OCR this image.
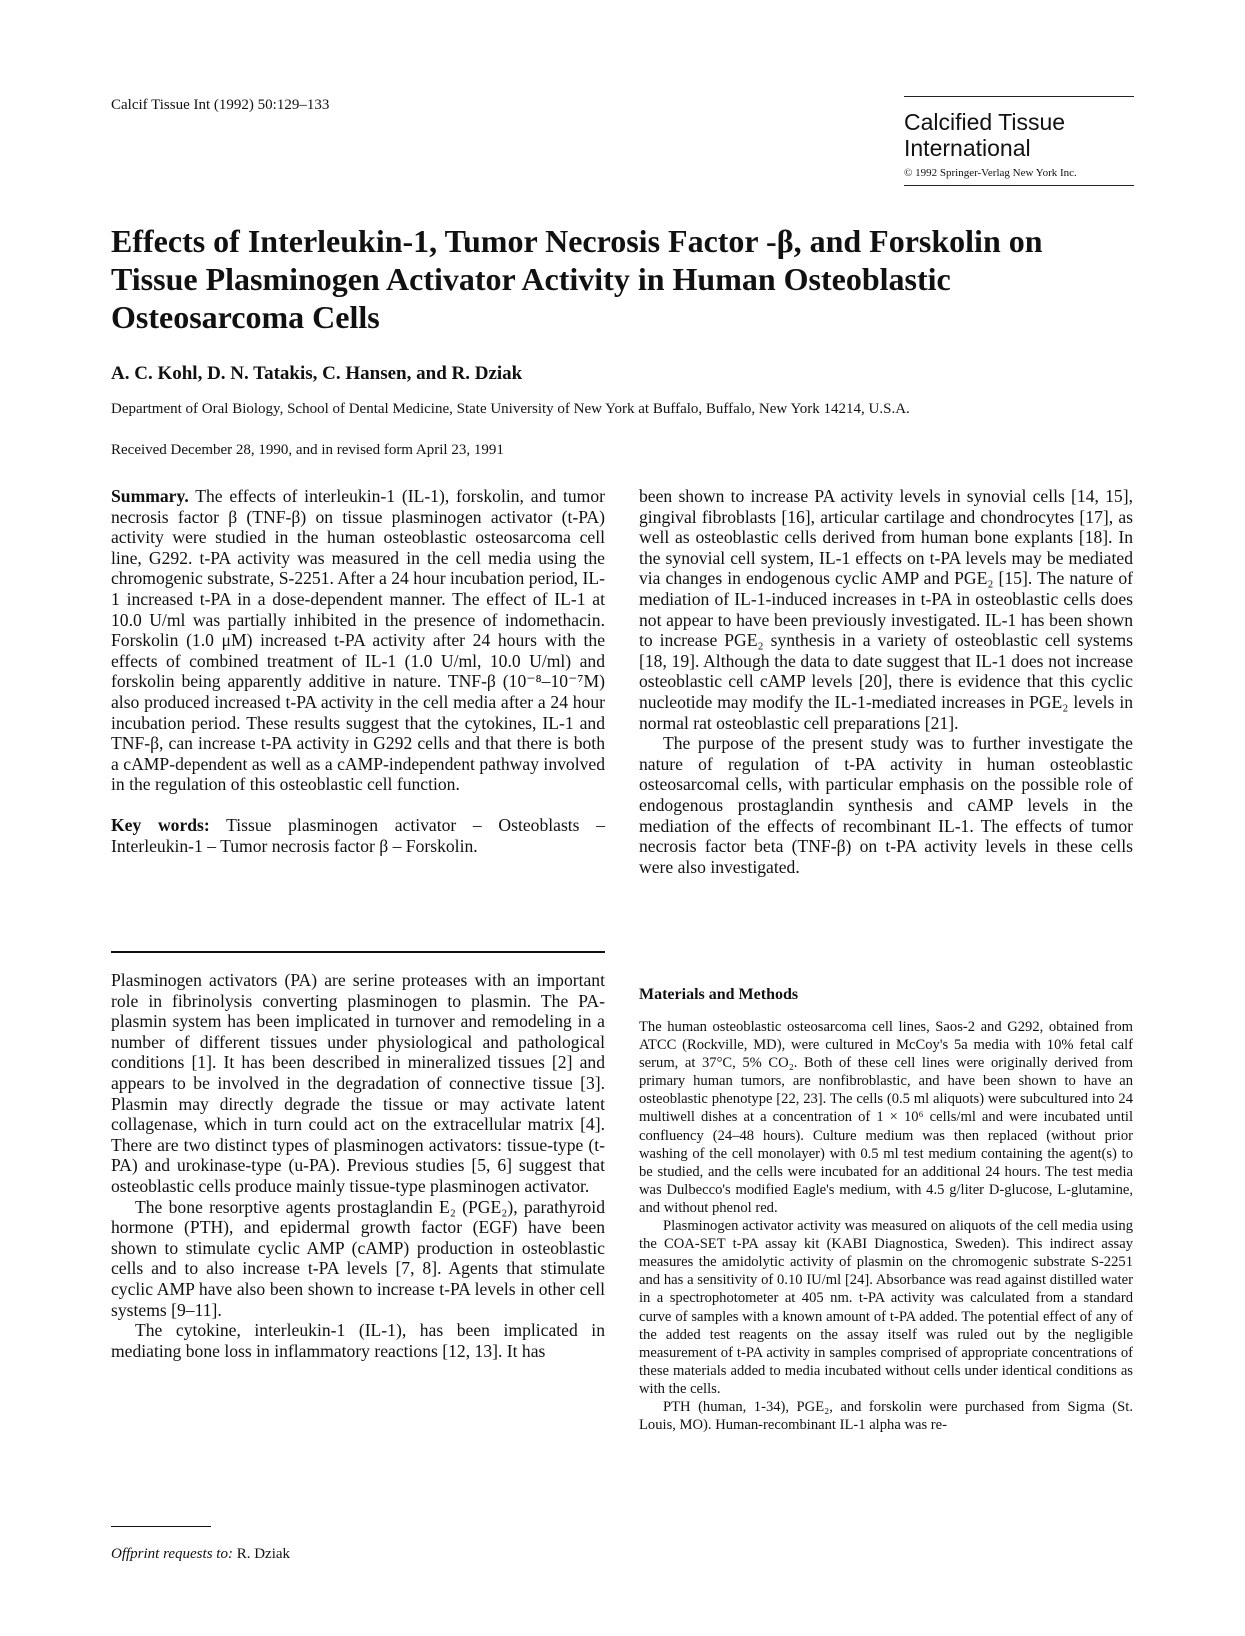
Calcif Tissue Int (1992) 50:129–133
Calcified Tissue
International
© 1992 Springer-Verlag New York Inc.
Effects of Interleukin-1, Tumor Necrosis Factor -β, and Forskolin on Tissue Plasminogen Activator Activity in Human Osteoblastic Osteosarcoma Cells
A. C. Kohl, D. N. Tatakis, C. Hansen, and R. Dziak
Department of Oral Biology, School of Dental Medicine, State University of New York at Buffalo, Buffalo, New York 14214, U.S.A.
Received December 28, 1990, and in revised form April 23, 1991

Summary. The effects of interleukin-1 (IL-1), forskolin, and tumor necrosis factor β (TNF-β) on tissue plasminogen activator (t-PA) activity were studied in the human osteoblastic osteosarcoma cell line, G292. t-PA activity was measured in the cell media using the chromogenic substrate, S-2251. After a 24 hour incubation period, IL-1 increased t-PA in a dose-dependent manner. The effect of IL-1 at 10.0 U/ml was partially inhibited in the presence of indomethacin. Forskolin (1.0 μM) increased t-PA activity after 24 hours with the effects of combined treatment of IL-1 (1.0 U/ml, 10.0 U/ml) and forskolin being apparently additive in nature. TNF-β (10⁻⁸–10⁻⁷M) also produced increased t-PA activity in the cell media after a 24 hour incubation period. These results suggest that the cytokines, IL-1 and TNF-β, can increase t-PA activity in G292 cells and that there is both a cAMP-dependent as well as a cAMP-independent pathway involved in the regulation of this osteoblastic cell function.

Key words: Tissue plasminogen activator – Osteoblasts – Interleukin-1 – Tumor necrosis factor β – Forskolin.

Plasminogen activators (PA) are serine proteases with an important role in fibrinolysis converting plasminogen to plasmin. The PA-plasmin system has been implicated in turnover and remodeling in a number of different tissues under physiological and pathological conditions [1]. It has been described in mineralized tissues [2] and appears to be involved in the degradation of connective tissue [3]. Plasmin may directly degrade the tissue or may activate latent collagenase, which in turn could act on the extracellular matrix [4]. There are two distinct types of plasminogen activators: tissue-type (t-PA) and urokinase-type (u-PA). Previous studies [5, 6] suggest that osteoblastic cells produce mainly tissue-type plasminogen activator.

The bone resorptive agents prostaglandin E₂ (PGE₂), parathyroid hormone (PTH), and epidermal growth factor (EGF) have been shown to stimulate cyclic AMP (cAMP) production in osteoblastic cells and to also increase t-PA levels [7, 8]. Agents that stimulate cyclic AMP have also been shown to increase t-PA levels in other cell systems [9–11].

The cytokine, interleukin-1 (IL-1), has been implicated in mediating bone loss in inflammatory reactions [12, 13]. It has

been shown to increase PA activity levels in synovial cells [14, 15], gingival fibroblasts [16], articular cartilage and chondrocytes [17], as well as osteoblastic cells derived from human bone explants [18]. In the synovial cell system, IL-1 effects on t-PA levels may be mediated via changes in endogenous cyclic AMP and PGE₂ [15]. The nature of mediation of IL-1-induced increases in t-PA in osteoblastic cells does not appear to have been previously investigated. IL-1 has been shown to increase PGE₂ synthesis in a variety of osteoblastic cell systems [18, 19]. Although the data to date suggest that IL-1 does not increase osteoblastic cell cAMP levels [20], there is evidence that this cyclic nucleotide may modify the IL-1-mediated increases in PGE₂ levels in normal rat osteoblastic cell preparations [21].

The purpose of the present study was to further investigate the nature of regulation of t-PA activity in human osteoblastic osteosarcomal cells, with particular emphasis on the possible role of endogenous prostaglandin synthesis and cAMP levels in the mediation of the effects of recombinant IL-1. The effects of tumor necrosis factor beta (TNF-β) on t-PA activity levels in these cells were also investigated.

Materials and Methods

The human osteoblastic osteosarcoma cell lines, Saos-2 and G292, obtained from ATCC (Rockville, MD), were cultured in McCoy's 5a media with 10% fetal calf serum, at 37°C, 5% CO₂. Both of these cell lines were originally derived from primary human tumors, are nonfibroblastic, and have been shown to have an osteoblastic phenotype [22, 23]. The cells (0.5 ml aliquots) were subcultured into 24 multiwell dishes at a concentration of 1 × 10⁶ cells/ml and were incubated until confluency (24–48 hours). Culture medium was then replaced (without prior washing of the cell monolayer) with 0.5 ml test medium containing the agent(s) to be studied, and the cells were incubated for an additional 24 hours. The test media was Dulbecco's modified Eagle's medium, with 4.5 g/liter D-glucose, L-glutamine, and without phenol red.

Plasminogen activator activity was measured on aliquots of the cell media using the COA-SET t-PA assay kit (KABI Diagnostica, Sweden). This indirect assay measures the amidolytic activity of plasmin on the chromogenic substrate S-2251 and has a sensitivity of 0.10 IU/ml [24]. Absorbance was read against distilled water in a spectrophotometer at 405 nm. t-PA activity was calculated from a standard curve of samples with a known amount of t-PA added. The potential effect of any of the added test reagents on the assay itself was ruled out by the negligible measurement of t-PA activity in samples comprised of appropriate concentrations of these materials added to media incubated without cells under identical conditions as with the cells.

PTH (human, 1-34), PGE₂, and forskolin were purchased from Sigma (St. Louis, MO). Human-recombinant IL-1 alpha was re-

Offprint requests to: R. Dziak
